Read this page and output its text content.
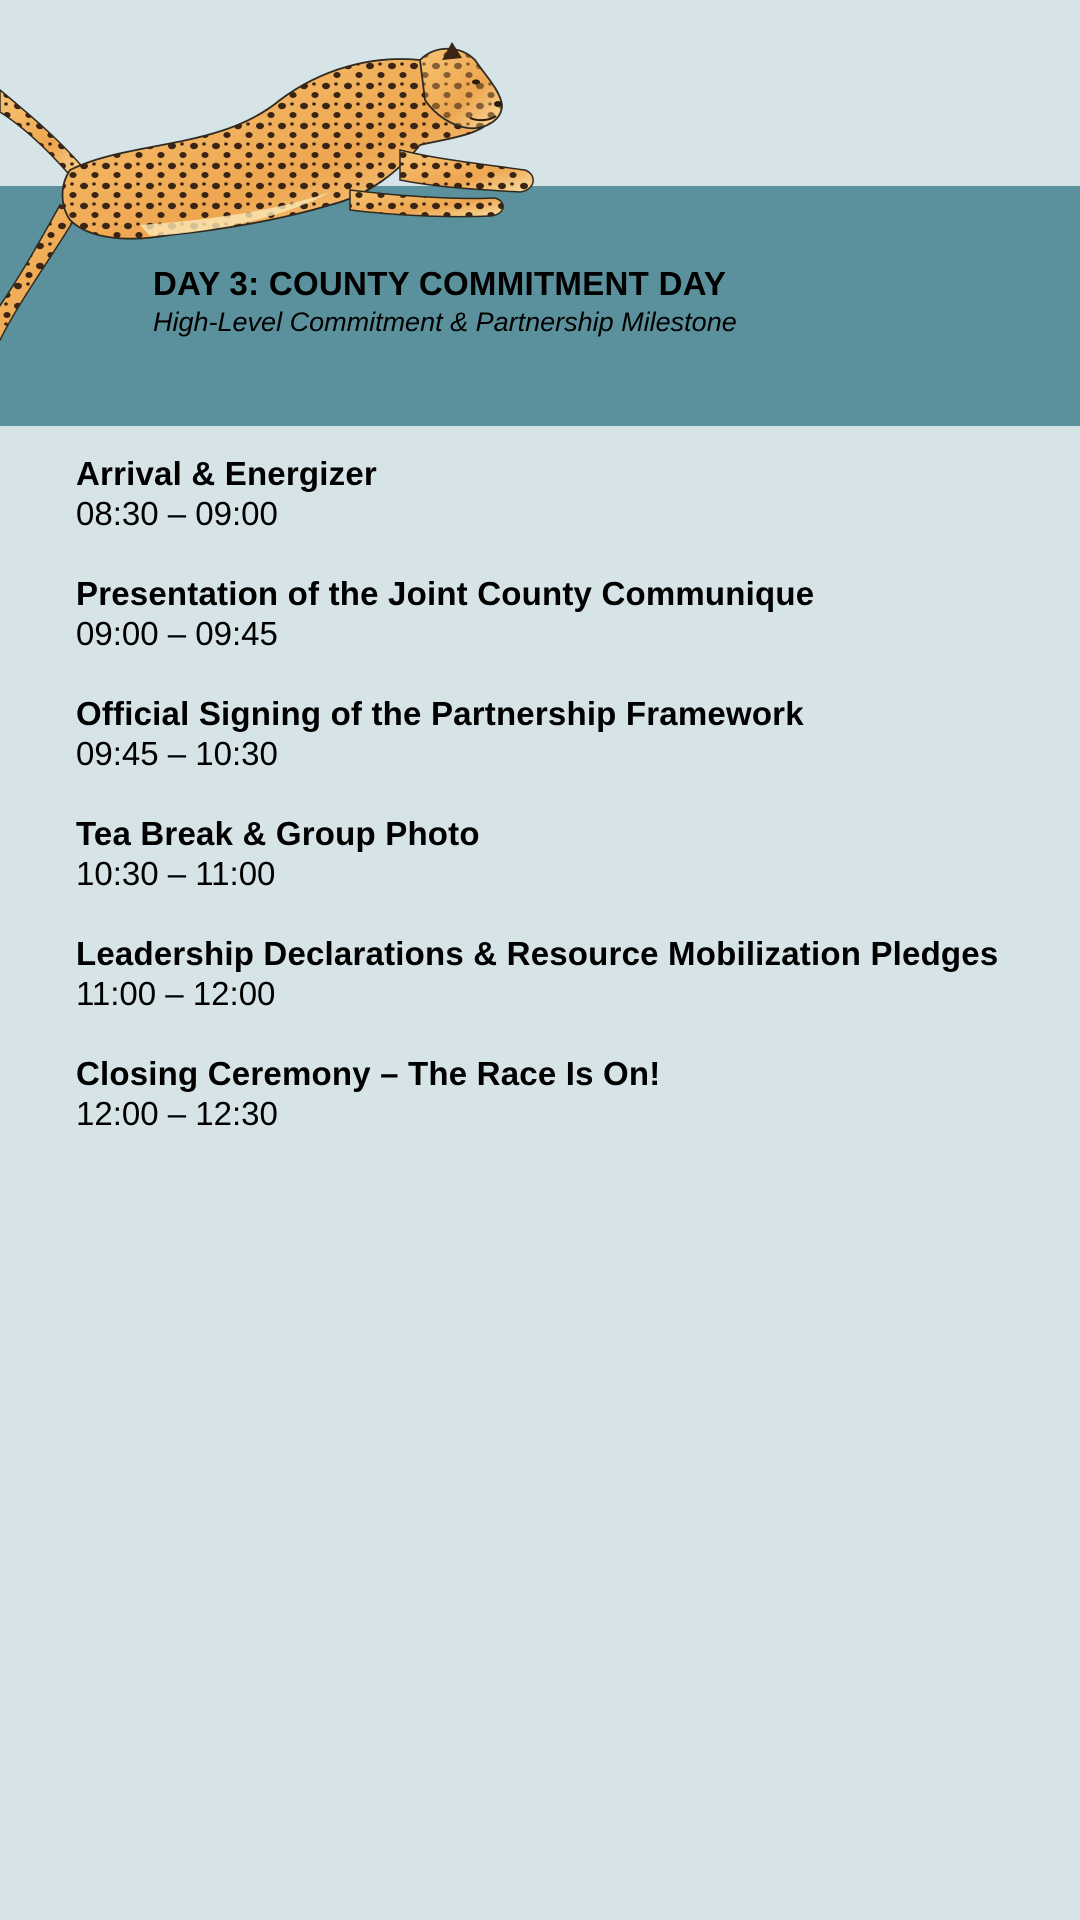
DAY 3: COUNTY COMMITMENT DAY
High-Level Commitment & Partnership Milestone
Arrival & Energizer
08:30 – 09:00
Presentation of the Joint County Communique
09:00 – 09:45
Official Signing of the Partnership Framework
09:45 – 10:30
Tea Break & Group Photo
10:30 – 11:00
Leadership Declarations & Resource Mobilization Pledges
11:00 – 12:00
Closing Ceremony – The Race Is On!
12:00 – 12:30
